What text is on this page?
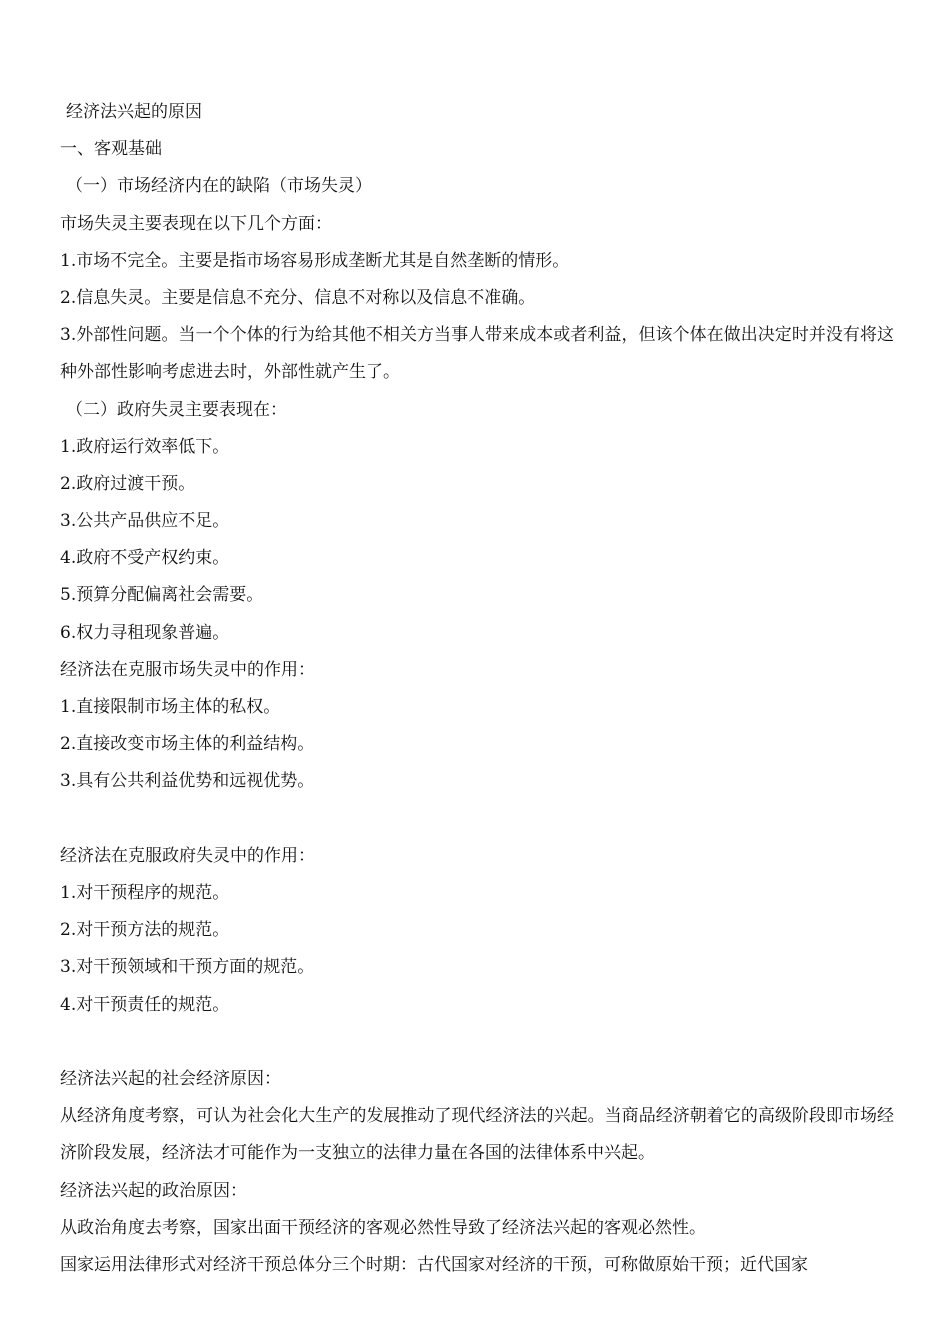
经济法兴起的原因
一、客观基础
（一）市场经济内在的缺陷（市场失灵）
市场失灵主要表现在以下几个方面：
1.市场不完全。主要是指市场容易形成垄断尤其是自然垄断的情形。
2.信息失灵。主要是信息不充分、信息不对称以及信息不准确。
3.外部性问题。当一个个体的行为给其他不相关方当事人带来成本或者利益，但该个体在做出决定时并没有将这种外部性影响考虑进去时，外部性就产生了。
（二）政府失灵主要表现在：
1.政府运行效率低下。
2.政府过渡干预。
3.公共产品供应不足。
4.政府不受产权约束。
5.预算分配偏离社会需要。
6.权力寻租现象普遍。
经济法在克服市场失灵中的作用：
1.直接限制市场主体的私权。
2.直接改变市场主体的利益结构。
3.具有公共利益优势和远视优势。
经济法在克服政府失灵中的作用：
1.对干预程序的规范。
2.对干预方法的规范。
3.对干预领域和干预方面的规范。
4.对干预责任的规范。
经济法兴起的社会经济原因：
从经济角度考察，可认为社会化大生产的发展推动了现代经济法的兴起。当商品经济朝着它的高级阶段即市场经济阶段发展，经济法才可能作为一支独立的法律力量在各国的法律体系中兴起。
经济法兴起的政治原因：
从政治角度去考察，国家出面干预经济的客观必然性导致了经济法兴起的客观必然性。
国家运用法律形式对经济干预总体分三个时期：古代国家对经济的干预，可称做原始干预；近代国家
